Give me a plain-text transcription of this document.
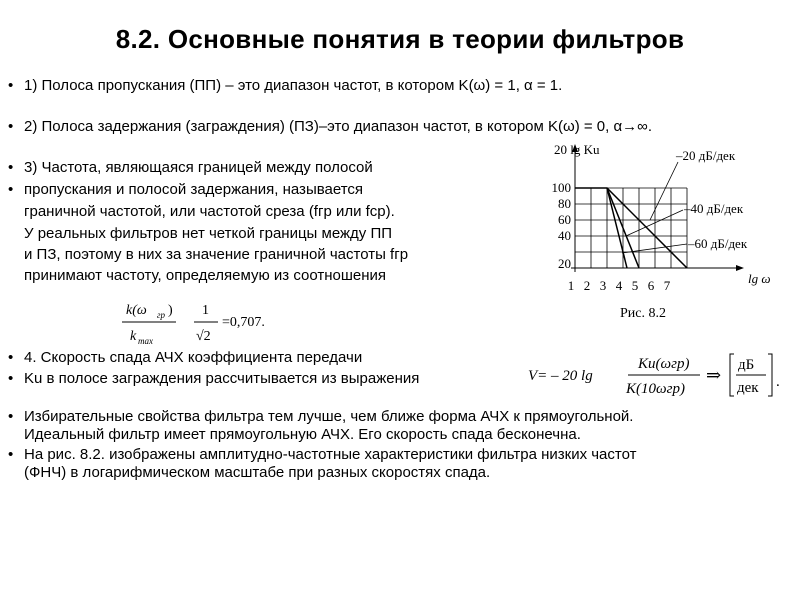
8.2. Основные понятия в теории фильтров
• 1) Полоса пропускания (ПП) – это диапазон частот, в котором K(ω) = 1, α = 1.
• 2) Полоса задержания (заграждения) (ПЗ)–это диапазон частот, в котором K(ω) = 0, α→∞.
• 3) Частота, являющаяся границей между полосой
• пропускания и полосой задержания, называется
граничной частотой, или частотой среза (fгр или fср).
У реальных фильтров нет четкой границы между ПП
и ПЗ, поэтому в них за значение граничной частоты fгр
принимают частоту, определяемую из соотношения
k(ω гр )
k max
1
√2
=0,707.
• 4. Скорость спада АЧХ коэффициента передачи
• Ku в полосе заграждения рассчитывается из выражения	V= – 20 lg
Ku(ωгр)
K(10ωгр)
⇒ дБ
дек .
• Избирательные свойства фильтра тем лучше, чем ближе форма АЧХ к прямоугольной.
Идеальный фильтр имеет прямоугольную АЧХ. Его скорость спада бесконечна.
• На рис. 8.2. изображены амплитудно-частотные характеристики фильтра низких частот
(ФНЧ) в логарифмическом масштабе при разных скоростях спада.
20 lg Ku
lg ω
100
80
60
40
20
1 2 3 4 5 6 7
–20 дБ/дек
–40 дБ/дек
–60 дБ/дек
Рис. 8.2
